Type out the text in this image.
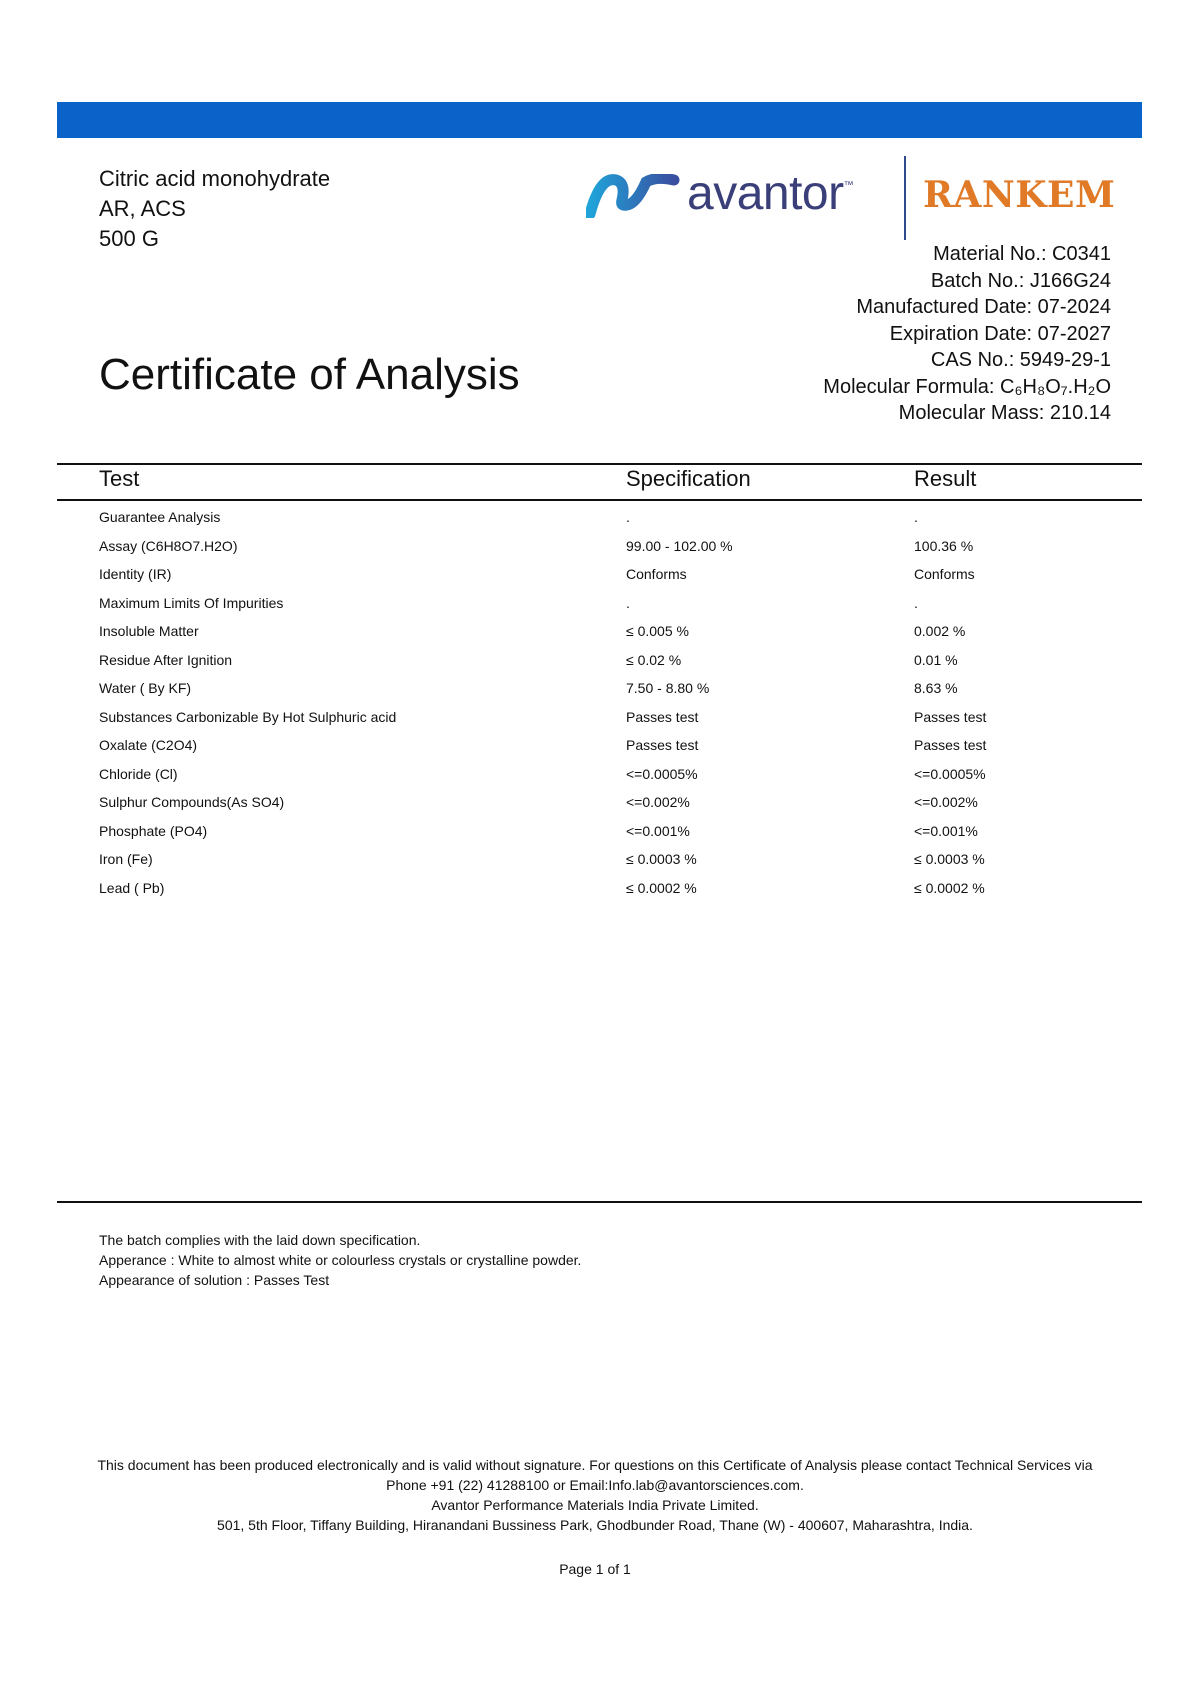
Citric acid monohydrate
AR, ACS
500 G
avantor™ RANKEM
Certificate of Analysis
Material No.: C0341
Batch No.: J166G24
Manufactured Date: 07-2024
Expiration Date: 07-2027
CAS No.: 5949-29-1
Molecular Formula: C₆H₈O₇.H₂O
Molecular Mass: 210.14
Test	Specification	Result
Guarantee Analysis	.	.
Assay (C6H8O7.H2O)	99.00 - 102.00 %	100.36 %
Identity (IR)	Conforms	Conforms
Maximum Limits Of Impurities	.	.
Insoluble Matter	≤ 0.005 %	0.002 %
Residue After Ignition	≤ 0.02 %	0.01 %
Water ( By KF)	7.50 - 8.80 %	8.63 %
Substances Carbonizable By Hot Sulphuric acid	Passes test	Passes test
Oxalate (C2O4)	Passes test	Passes test
Chloride (Cl)	<=0.0005%	<=0.0005%
Sulphur Compounds(As SO4)	<=0.002%	<=0.002%
Phosphate (PO4)	<=0.001%	<=0.001%
Iron (Fe)	≤ 0.0003 %	≤ 0.0003 %
Lead ( Pb)	≤ 0.0002 %	≤ 0.0002 %
The batch complies with the laid down specification.
Apperance : White to almost white or colourless crystals or crystalline powder.
Appearance of solution : Passes Test
This document has been produced electronically and is valid without signature. For questions on this Certificate of Analysis please contact Technical Services via
Phone +91 (22) 41288100 or Email:Info.lab@avantorsciences.com.
Avantor Performance Materials India Private Limited.
501, 5th Floor, Tiffany Building, Hiranandani Bussiness Park, Ghodbunder Road, Thane (W) - 400607, Maharashtra, India.
Page 1 of 1
